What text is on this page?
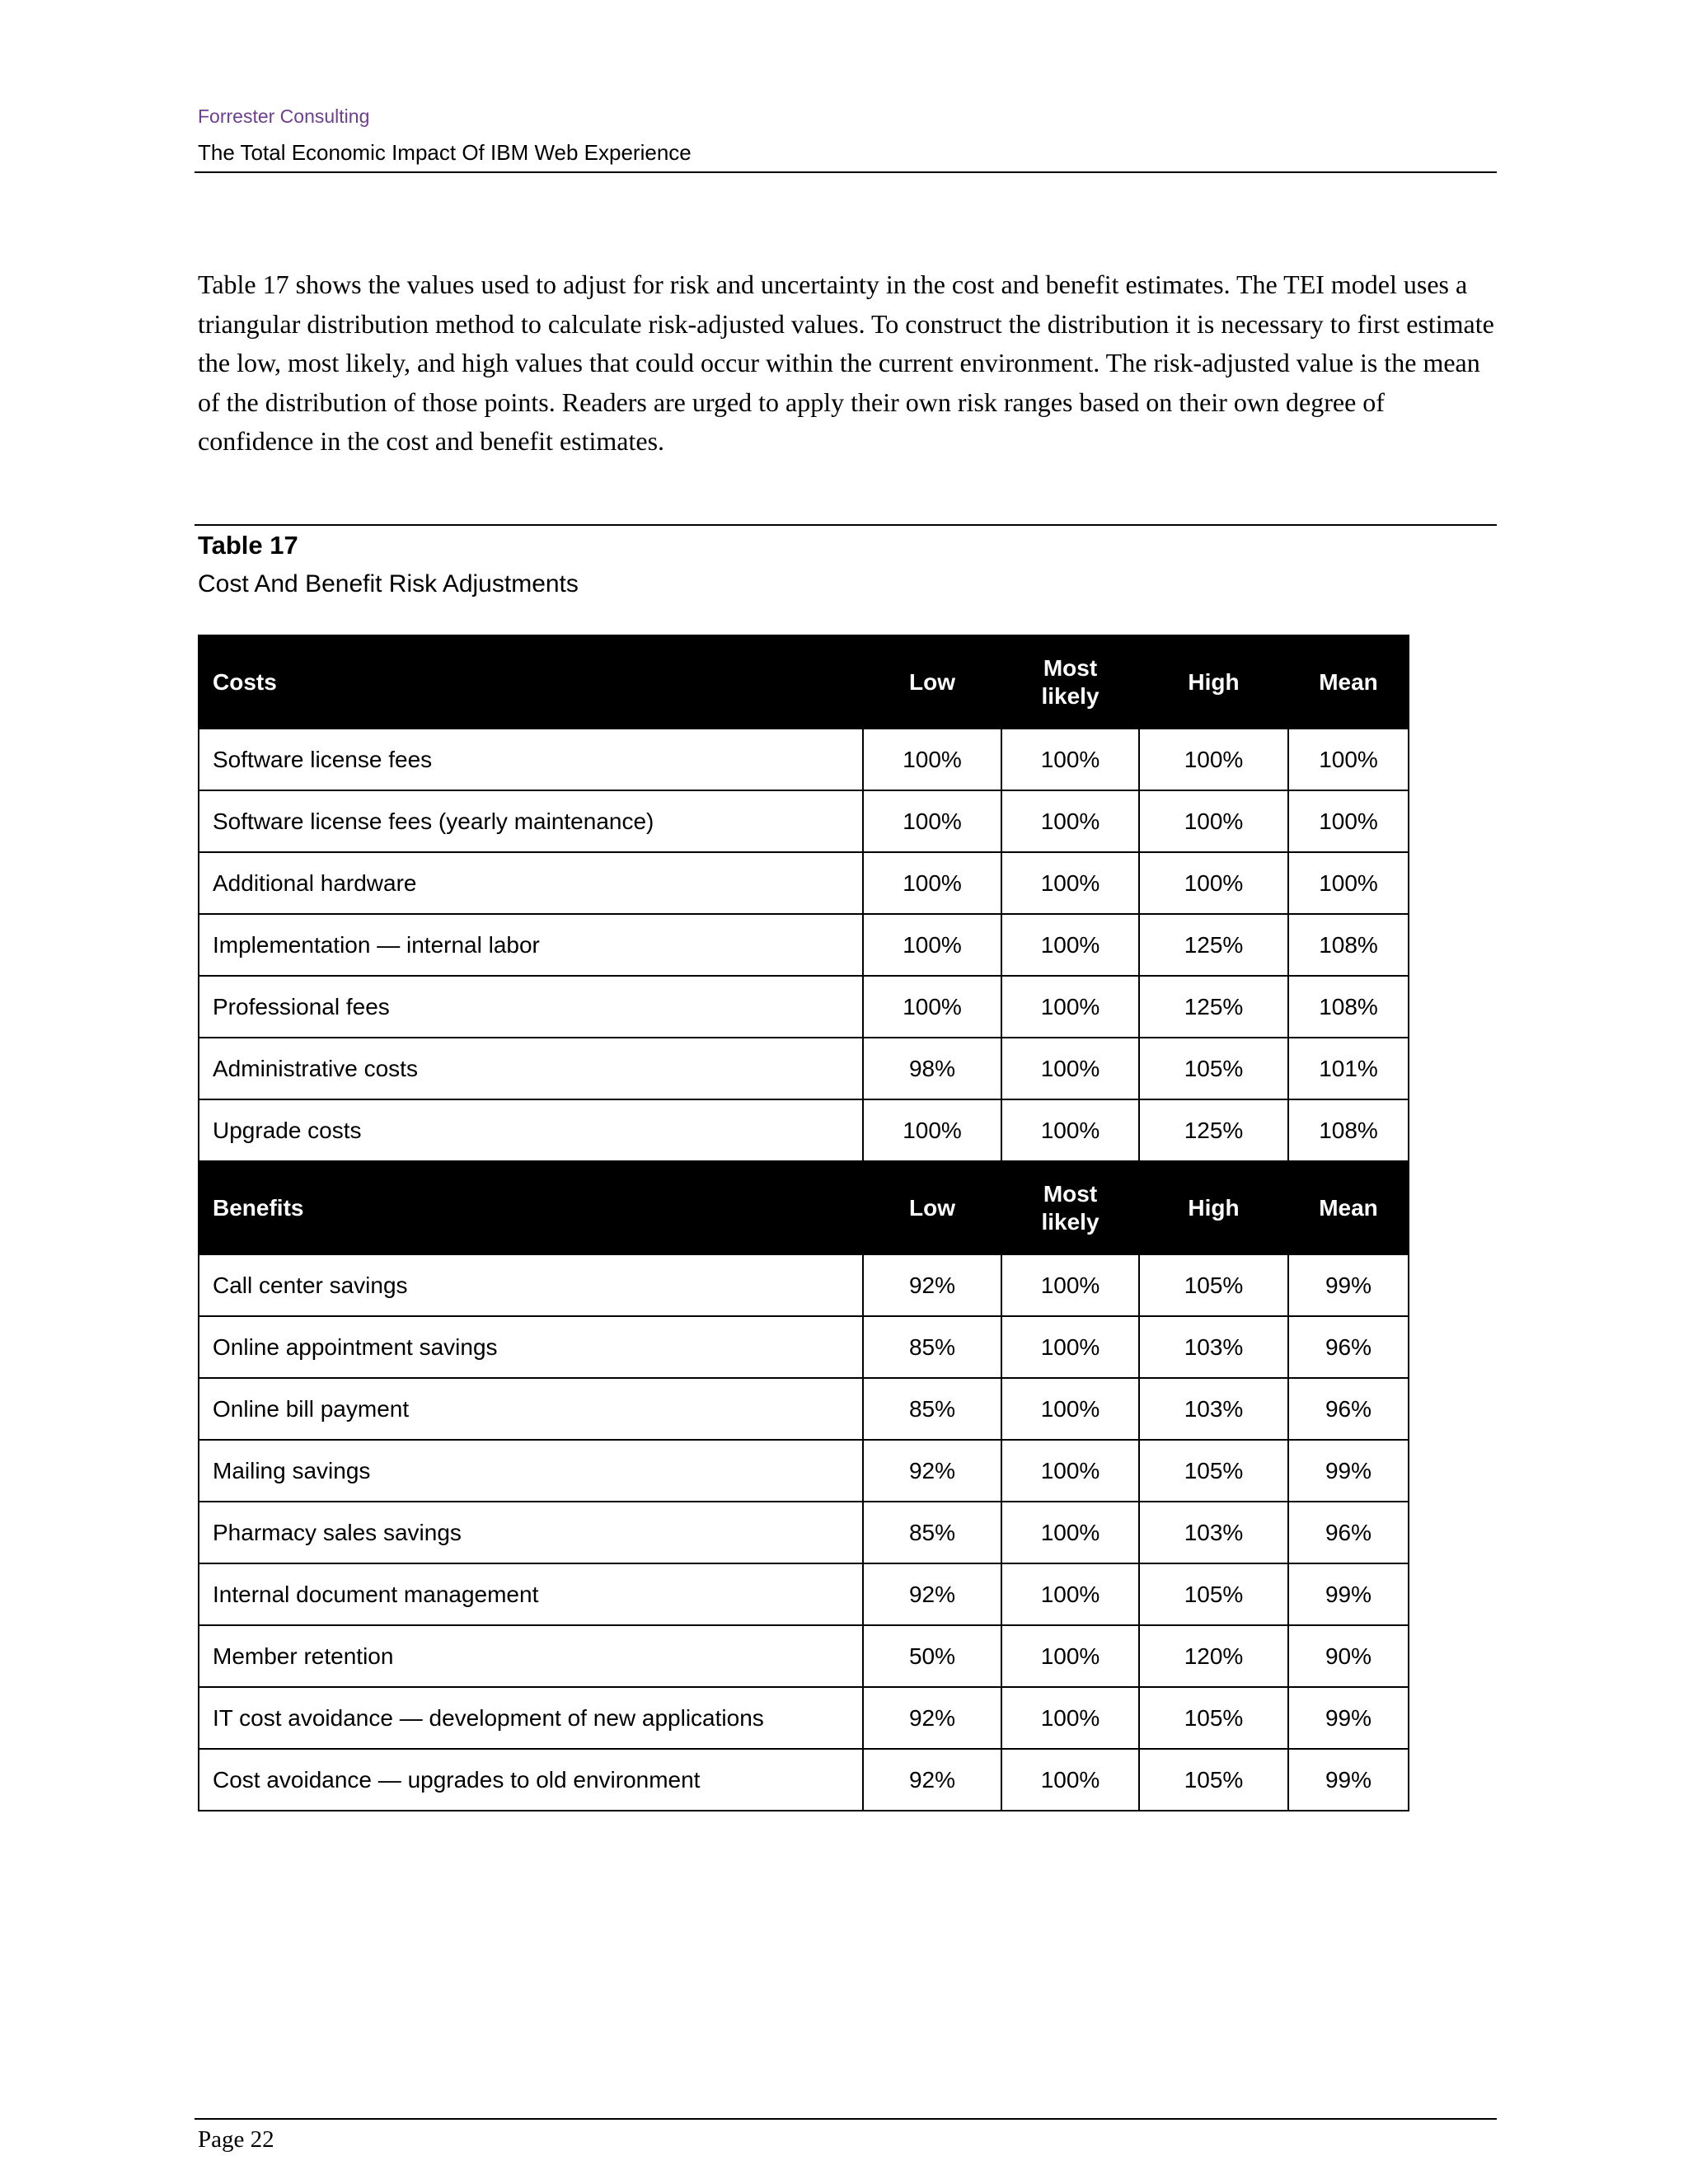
Forrester Consulting
The Total Economic Impact Of IBM Web Experience

Table 17 shows the values used to adjust for risk and uncertainty in the cost and benefit estimates. The TEI model uses a triangular distribution method to calculate risk-adjusted values. To construct the distribution it is necessary to first estimate the low, most likely, and high values that could occur within the current environment. The risk-adjusted value is the mean of the distribution of those points. Readers are urged to apply their own risk ranges based on their own degree of confidence in the cost and benefit estimates.

Table 17
Cost And Benefit Risk Adjustments
Costs	Low	Most likely	High	Mean
Software license fees	100%	100%	100%	100%
Software license fees (yearly maintenance)	100%	100%	100%	100%
Additional hardware	100%	100%	100%	100%
Implementation — internal labor	100%	100%	125%	108%
Professional fees	100%	100%	125%	108%
Administrative costs	98%	100%	105%	101%
Upgrade costs	100%	100%	125%	108%
Benefits	Low	Most likely	High	Mean
Call center savings	92%	100%	105%	99%
Online appointment savings	85%	100%	103%	96%
Online bill payment	85%	100%	103%	96%
Mailing savings	92%	100%	105%	99%
Pharmacy sales savings	85%	100%	103%	96%
Internal document management	92%	100%	105%	99%
Member retention	50%	100%	120%	90%
IT cost avoidance — development of new applications	92%	100%	105%	99%
Cost avoidance — upgrades to old environment	92%	100%	105%	99%
Page 22
